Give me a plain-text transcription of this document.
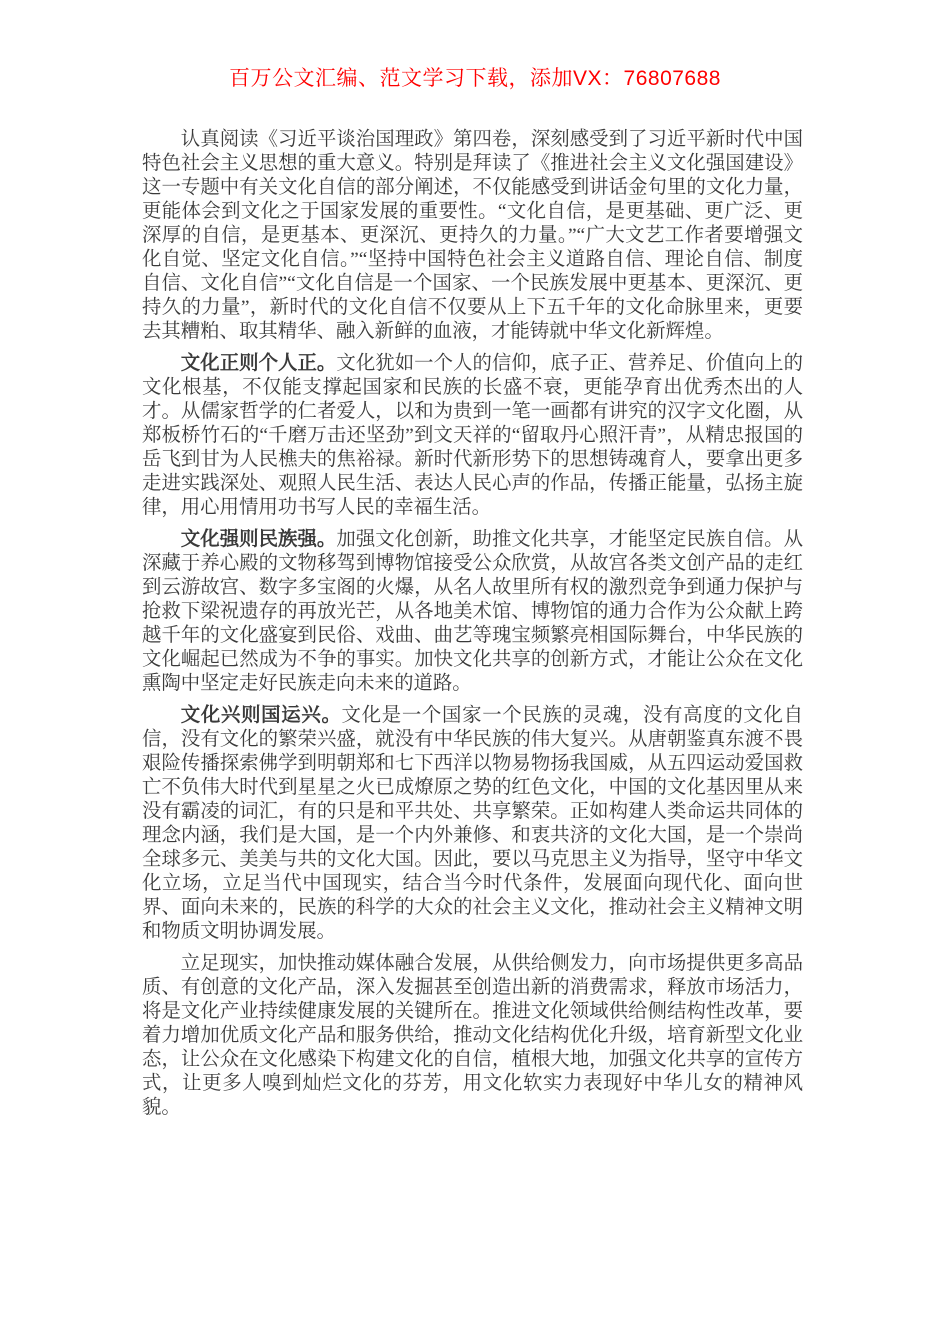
百万公文汇编、范文学习下载，添加VX：76807688

认真阅读《习近平谈治国理政》第四卷，深刻感受到了习近平新时代中国特色社会主义思想的重大意义。特别是拜读了《推进社会主义文化强国建设》这一专题中有关文化自信的部分阐述，不仅能感受到讲话金句里的文化力量，更能体会到文化之于国家发展的重要性。“文化自信，是更基础、更广泛、更深厚的自信，是更基本、更深沉、更持久的力量。”“广大文艺工作者要增强文化自觉、坚定文化自信。”“坚持中国特色社会主义道路自信、理论自信、制度自信、文化自信”“文化自信是一个国家、一个民族发展中更基本、更深沉、更持久的力量”，新时代的文化自信不仅要从上下五千年的文化命脉里来，更要去其糟粕、取其精华、融入新鲜的血液，才能铸就中华文化新辉煌。

文化正则个人正。文化犹如一个人的信仰，底子正、营养足、价值向上的文化根基，不仅能支撑起国家和民族的长盛不衰，更能孕育出优秀杰出的人才。从儒家哲学的仁者爱人，以和为贵到一笔一画都有讲究的汉字文化圈，从郑板桥竹石的“千磨万击还坚劲”到文天祥的“留取丹心照汗青”，从精忠报国的岳飞到甘为人民樵夫的焦裕禄。新时代新形势下的思想铸魂育人，要拿出更多走进实践深处、观照人民生活、表达人民心声的作品，传播正能量，弘扬主旋律，用心用情用功书写人民的幸福生活。

文化强则民族强。加强文化创新，助推文化共享，才能坚定民族自信。从深藏于养心殿的文物移驾到博物馆接受公众欣赏，从故宫各类文创产品的走红到云游故宫、数字多宝阁的火爆，从名人故里所有权的激烈竞争到通力保护与抢救下梁祝遗存的再放光芒，从各地美术馆、博物馆的通力合作为公众献上跨越千年的文化盛宴到民俗、戏曲、曲艺等瑰宝频繁亮相国际舞台，中华民族的文化崛起已然成为不争的事实。加快文化共享的创新方式，才能让公众在文化熏陶中坚定走好民族走向未来的道路。

文化兴则国运兴。文化是一个国家一个民族的灵魂，没有高度的文化自信，没有文化的繁荣兴盛，就没有中华民族的伟大复兴。从唐朝鉴真东渡不畏艰险传播探索佛学到明朝郑和七下西洋以物易物扬我国威，从五四运动爱国救亡不负伟大时代到星星之火已成燎原之势的红色文化，中国的文化基因里从来没有霸凌的词汇，有的只是和平共处、共享繁荣。正如构建人类命运共同体的理念内涵，我们是大国，是一个内外兼修、和衷共济的文化大国，是一个崇尚全球多元、美美与共的文化大国。因此，要以马克思主义为指导，坚守中华文化立场，立足当代中国现实，结合当今时代条件，发展面向现代化、面向世界、面向未来的，民族的科学的大众的社会主义文化，推动社会主义精神文明和物质文明协调发展。

立足现实，加快推动媒体融合发展，从供给侧发力，向市场提供更多高品质、有创意的文化产品，深入发掘甚至创造出新的消费需求，释放市场活力，将是文化产业持续健康发展的关键所在。推进文化领域供给侧结构性改革，要着力增加优质文化产品和服务供给，推动文化结构优化升级，培育新型文化业态，让公众在文化感染下构建文化的自信，植根大地，加强文化共享的宣传方式，让更多人嗅到灿烂文化的芬芳，用文化软实力表现好中华儿女的精神风貌。
